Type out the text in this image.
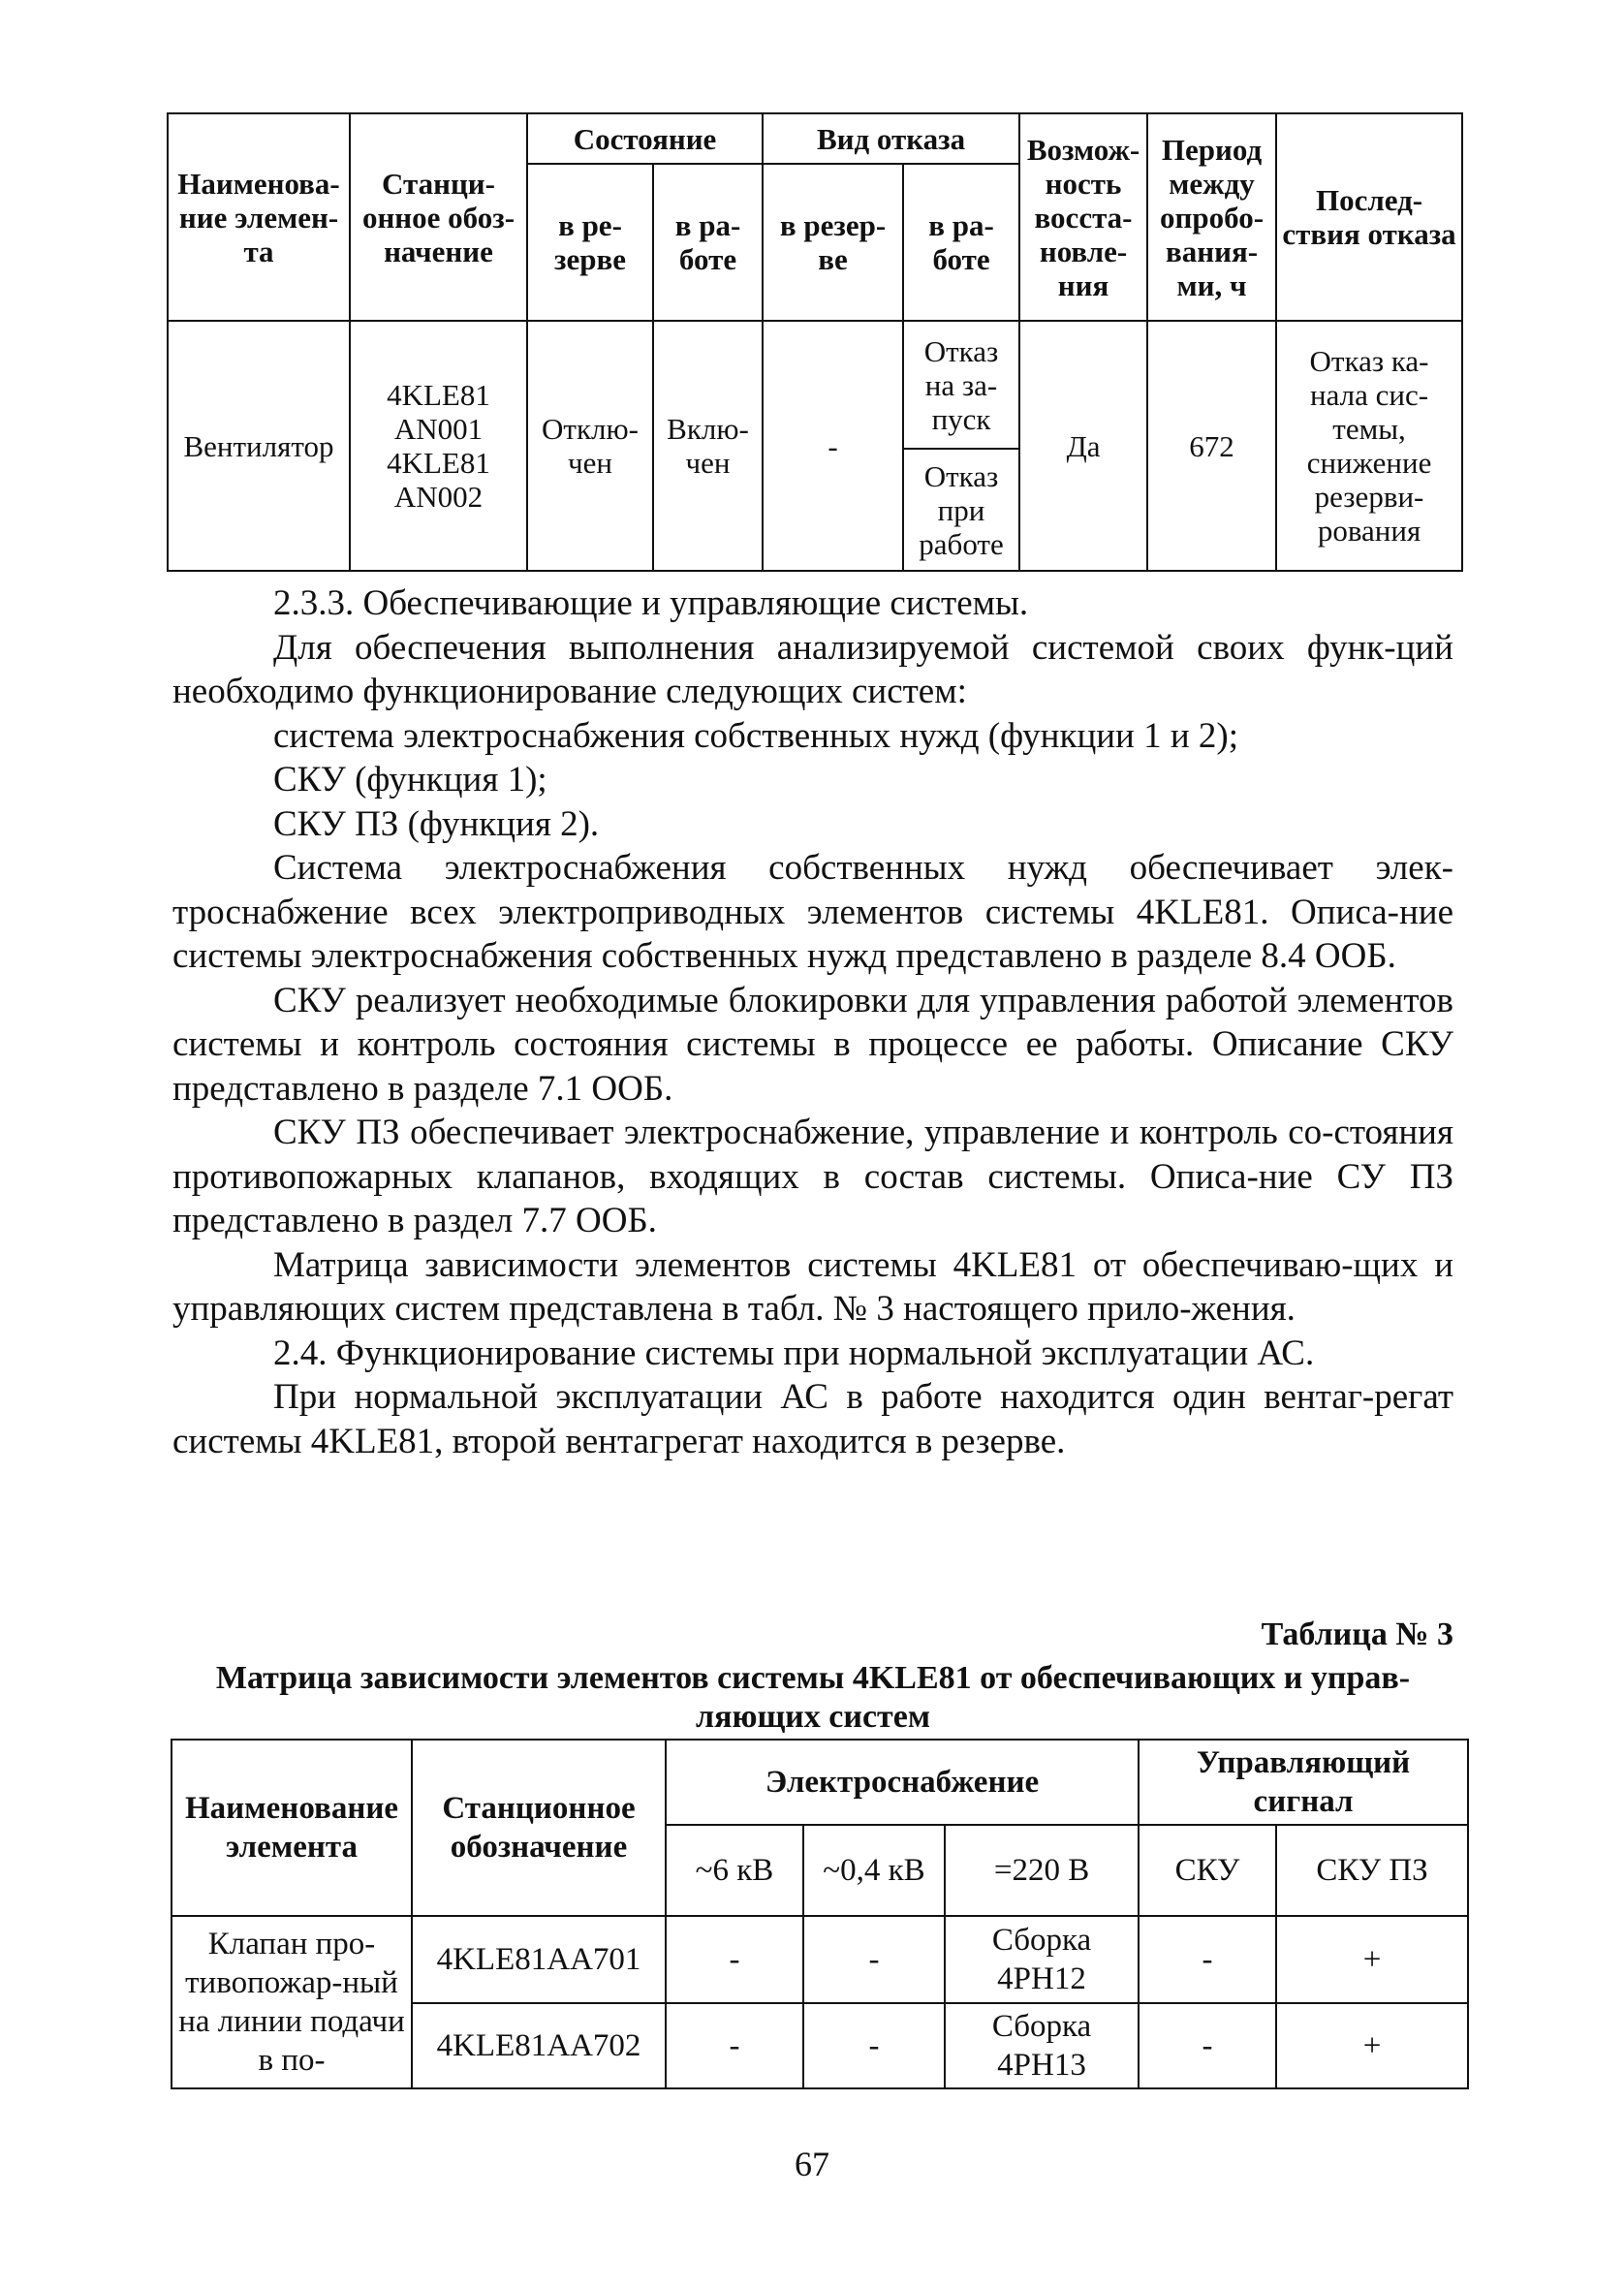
Наименова-ние элемен-та	Станци-онное обоз-начение	Состояние		Вид отказа		Возмож-ность восста-новле-ния	Период между опробо-вания-ми, ч	Послед-ствия отказа
		в ре-зерве	в ра-боте	в резер-ве	в ра-боте			
Вентилятор	4KLE81 AN001 4KLE81 AN002	Отклю-чен	Вклю-чен	-	Отказ на за-пуск	Да	672	Отказ ка-нала сис-темы, снижение резерви-рования
					Отказ при работе			

2.3.3. Обеспечивающие и управляющие системы.

Для обеспечения выполнения анализируемой системой своих функ-ций необходимо функционирование следующих систем:

система электроснабжения собственных нужд (функции 1 и 2);

СКУ (функция 1);

СКУ ПЗ (функция 2).

Система электроснабжения собственных нужд обеспечивает элек-троснабжение всех электроприводных элементов системы 4KLE81. Описа-ние системы электроснабжения собственных нужд представлено в разделе 8.4 ООБ.

СКУ реализует необходимые блокировки для управления работой элементов системы и контроль состояния системы в процессе ее работы. Описание СКУ представлено в разделе 7.1 ООБ.

СКУ ПЗ обеспечивает электроснабжение, управление и контроль со-стояния противопожарных клапанов, входящих в состав системы. Описа-ние СУ ПЗ представлено в раздел 7.7 ООБ.

Матрица зависимости элементов системы 4KLE81 от обеспечиваю-щих и управляющих систем представлена в табл. № 3 настоящего прило-жения.

2.4. Функционирование системы при нормальной эксплуатации АС.

При нормальной эксплуатации АС в работе находится один вентаг-регат системы 4KLE81, второй вентагрегат находится в резерве.

Таблица № 3
Матрица зависимости элементов системы 4KLE81 от обеспечивающих и управ-ляющих систем
Наименование элемента	Станционное обозначение	Электроснабжение			Управляющий сигнал	
		~6 кВ	~0,4 кВ	=220 В	СКУ	СКУ ПЗ
Клапан про-тивопожар-ный на линии подачи в по-	4KLE81AA701	-	-	Сборка 4PH12	-	+
	4KLE81AA702	-	-	Сборка 4PH13	-	+
67
